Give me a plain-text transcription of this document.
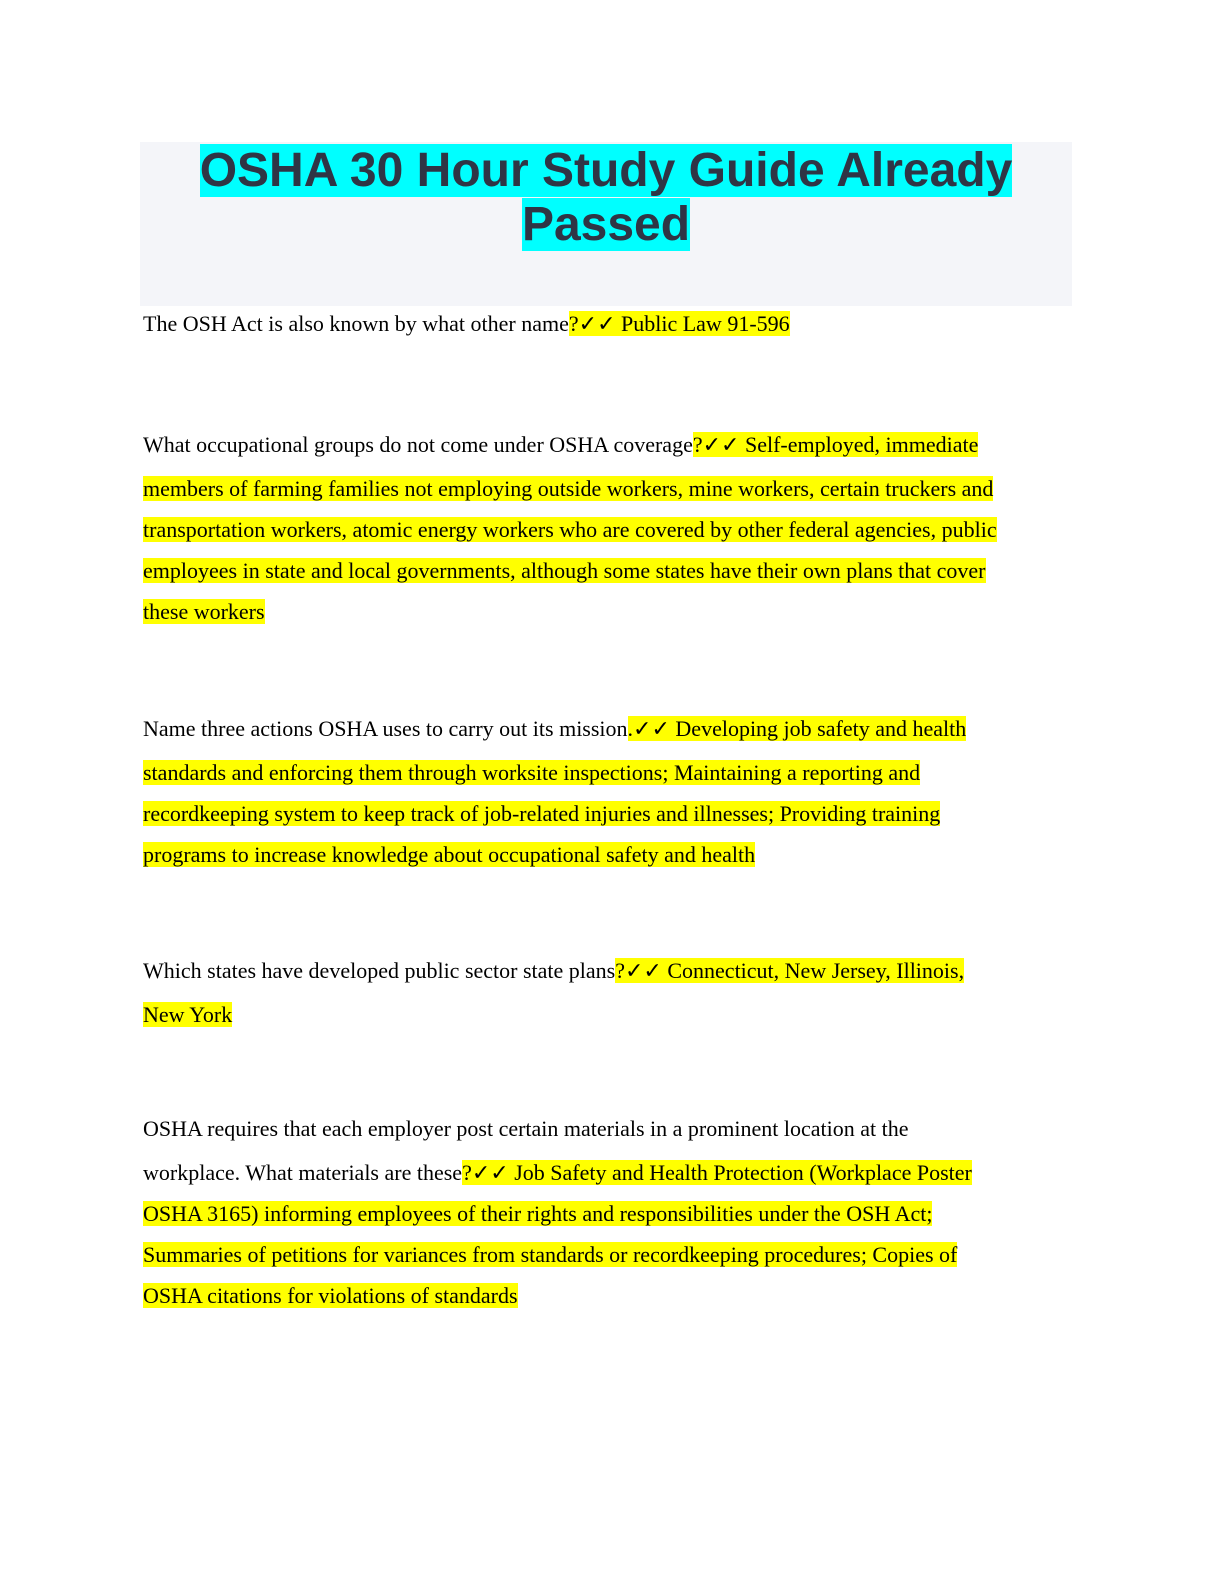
OSHA 30 Hour Study Guide Already
Passed
The OSH Act is also known by what other name?✓✓ Public Law 91-596
What occupational groups do not come under OSHA coverage?✓✓ Self-employed, immediate
members of farming families not employing outside workers, mine workers, certain truckers and
transportation workers, atomic energy workers who are covered by other federal agencies, public
employees in state and local governments, although some states have their own plans that cover
these workers
Name three actions OSHA uses to carry out its mission.✓✓ Developing job safety and health
standards and enforcing them through worksite inspections; Maintaining a reporting and
recordkeeping system to keep track of job-related injuries and illnesses; Providing training
programs to increase knowledge about occupational safety and health
Which states have developed public sector state plans?✓✓ Connecticut, New Jersey, Illinois,
New York
OSHA requires that each employer post certain materials in a prominent location at the
workplace. What materials are these?✓✓ Job Safety and Health Protection (Workplace Poster
OSHA 3165) informing employees of their rights and responsibilities under the OSH Act;
Summaries of petitions for variances from standards or recordkeeping procedures; Copies of
OSHA citations for violations of standards
